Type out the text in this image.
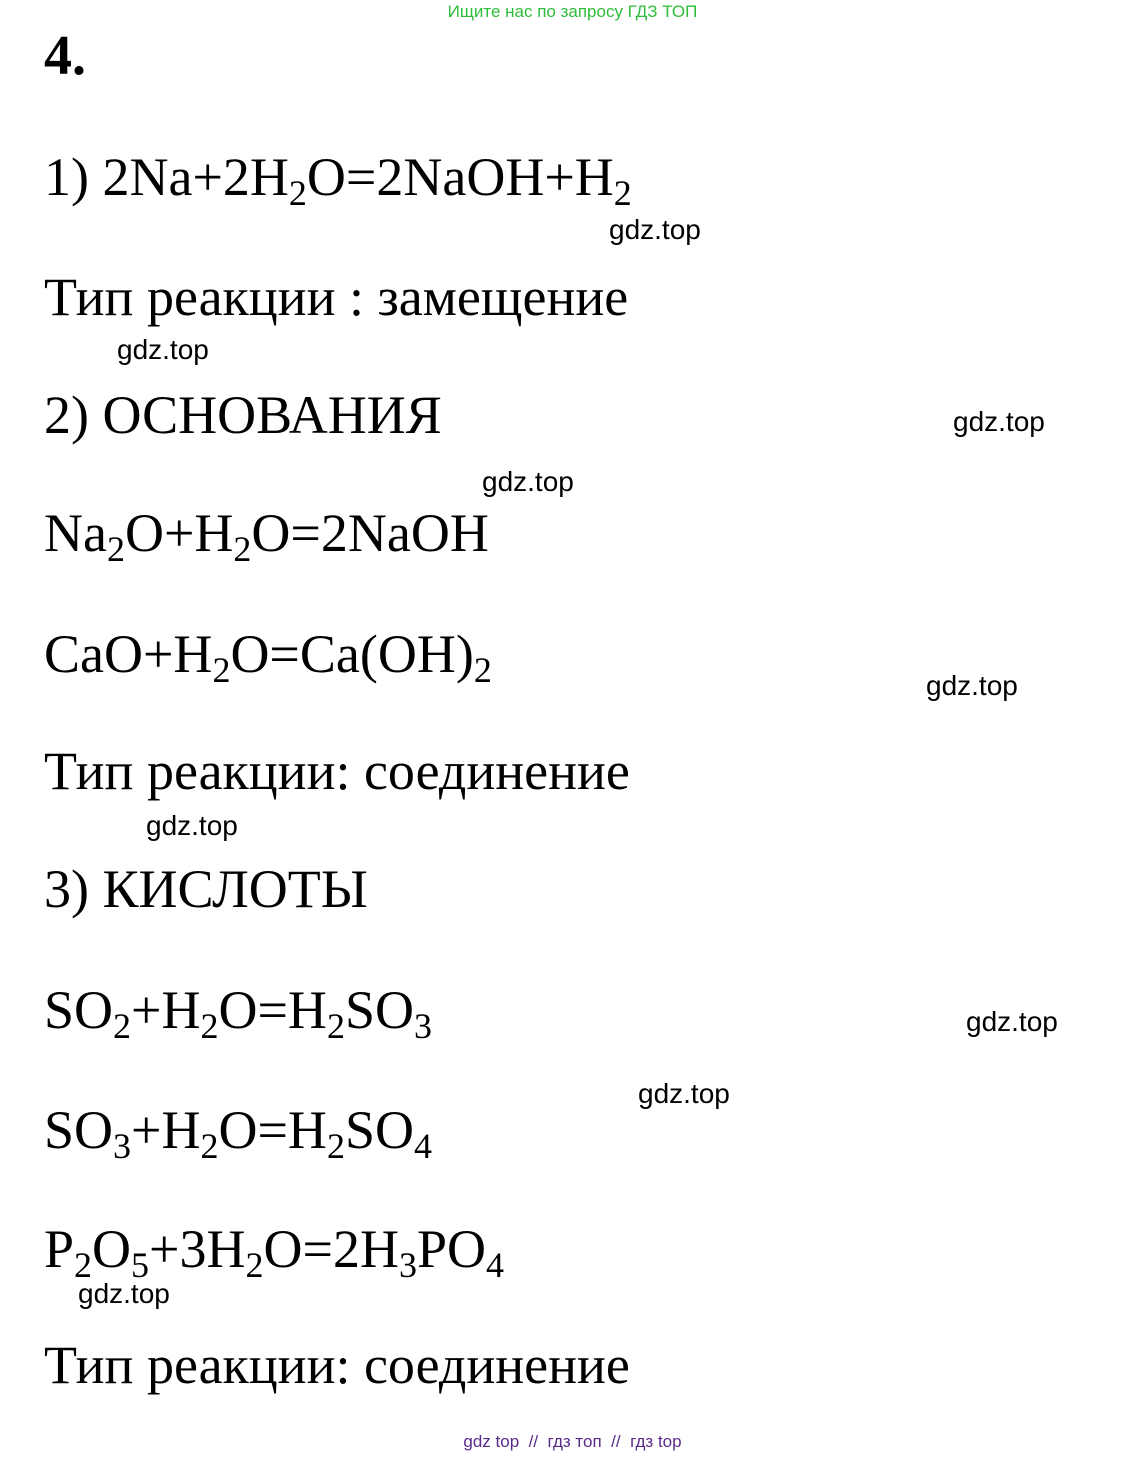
Ищите нас по запросу ГДЗ ТОП
4.
1) $2Na+2H_2O=2NaOH+H_2$
Тип реакции : замещение
2) ОСНОВАНИЯ
$Na_2O+H_2O=2NaOH$
$CaO+H_2O=Ca(OH)_2$
Тип реакции: соединение
3) КИСЛОТЫ
$SO_2+H_2O=H_2SO_3$
$SO_3+H_2O=H_2SO_4$
$P_2O_5+3H_2O=2H_3PO_4$
Тип реакции: соединение
gdz.top
gdz.top
gdz.top
gdz.top
gdz.top
gdz.top
gdz.top
gdz.top
gdz.top
gdz top // гдз топ // гдз top
